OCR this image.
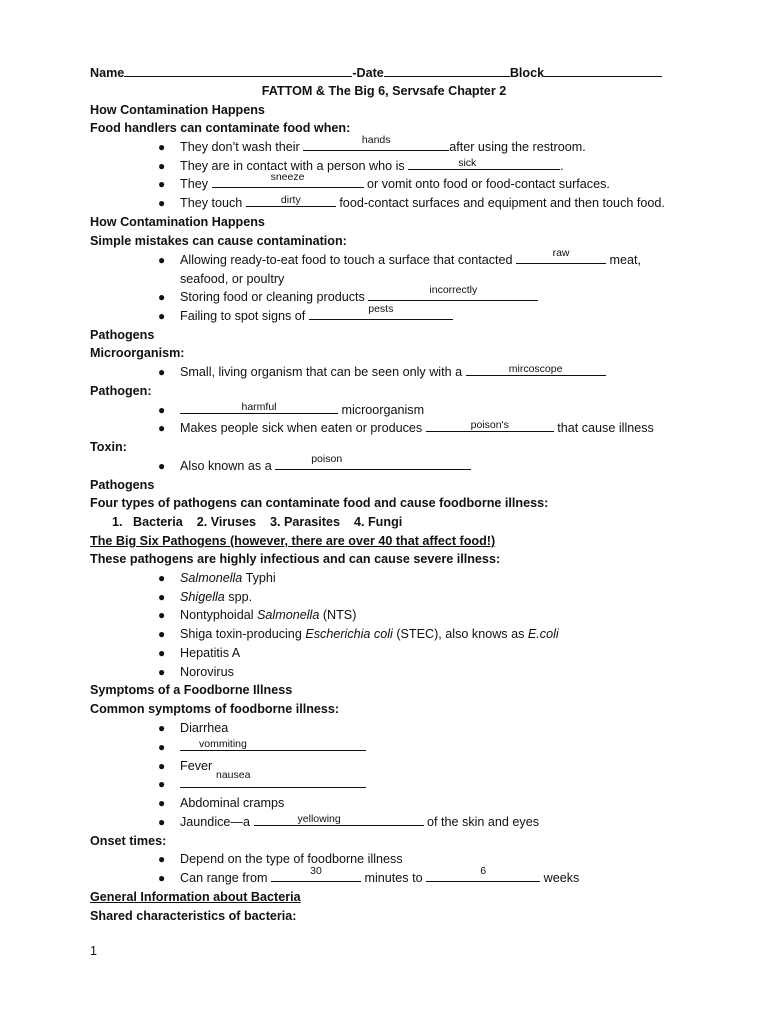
Name	-Date	Block
FATTOM & The Big 6, Servsafe Chapter 2
How Contamination Happens
Food handlers can contaminate food when:
● They don’t wash their	hands	after using the restroom.
● They are in contact with a person who is	sick	.
● They	sneeze	or vomit onto food or food-contact surfaces.
● They touch	dirty	food-contact surfaces and equipment and then touch food.
How Contamination Happens
Simple mistakes can cause contamination:
● Allowing ready-to-eat food to touch a surface that contacted	raw	meat,
seafood, or poultry
● Storing food or cleaning products	incorrectly
● Failing to spot signs of	pests
Pathogens
Microorganism:
● Small, living organism that can be seen only with a	mircoscope
Pathogen:
●	harmful	microorganism
● Makes people sick when eaten or produces	poison's	that cause illness
Toxin:
● Also known as a	poison
Pathogens
Four types of pathogens can contaminate food and cause foodborne illness:
1.   Bacteria    2. Viruses    3. Parasites    4. Fungi
The Big Six Pathogens (however, there are over 40 that affect food!)
These pathogens are highly infectious and can cause severe illness:
● Salmonella Typhi
● Shigella spp.
● Nontyphoidal Salmonella (NTS)
● Shiga toxin-producing Escherichia coli (STEC), also knows as E.coli
● Hepatitis A
● Norovirus
Symptoms of a Foodborne Illness
Common symptoms of foodborne illness:
● Diarrhea
●	vommiting
● Fever
●
nausea
● Abdominal cramps
● Jaundice—a	yellowing	of the skin and eyes
Onset times:
● Depend on the type of foodborne illness
● Can range from	30	minutes to	6	weeks
General Information about Bacteria
Shared characteristics of bacteria:
1
